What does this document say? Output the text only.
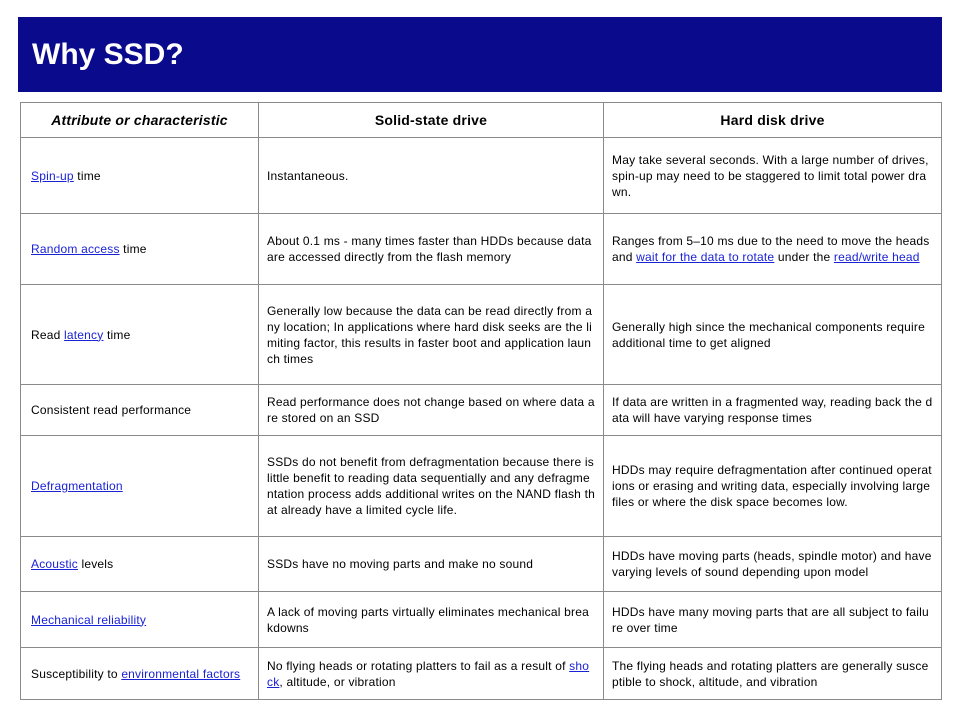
Why SSD?
Attribute or characteristic	Solid-state drive	Hard disk drive
Spin-up time	Instantaneous.	May take several seconds. With a large number of drives, spin-up may need to be staggered to limit total power drawn.
Random access time	About 0.1 ms - many times faster than HDDs because data are accessed directly from the flash memory	Ranges from 5–10 ms due to the need to move the heads and wait for the data to rotate under the read/write head
Read latency time	Generally low because the data can be read directly from any location; In applications where hard disk seeks are the limiting factor, this results in faster boot and application launch times	Generally high since the mechanical components require additional time to get aligned
Consistent read performance	Read performance does not change based on where data are stored on an SSD	If data are written in a fragmented way, reading back the data will have varying response times
Defragmentation	SSDs do not benefit from defragmentation because there is little benefit to reading data sequentially and any defragmentation process adds additional writes on the NAND flash that already have a limited cycle life.	HDDs may require defragmentation after continued operations or erasing and writing data, especially involving large files or where the disk space becomes low.
Acoustic levels	SSDs have no moving parts and make no sound	HDDs have moving parts (heads, spindle motor) and have varying levels of sound depending upon model
Mechanical reliability	A lack of moving parts virtually eliminates mechanical breakdowns	HDDs have many moving parts that are all subject to failure over time
Susceptibility to environmental factors	No flying heads or rotating platters to fail as a result of shock, altitude, or vibration	The flying heads and rotating platters are generally susceptible to shock, altitude, and vibration
